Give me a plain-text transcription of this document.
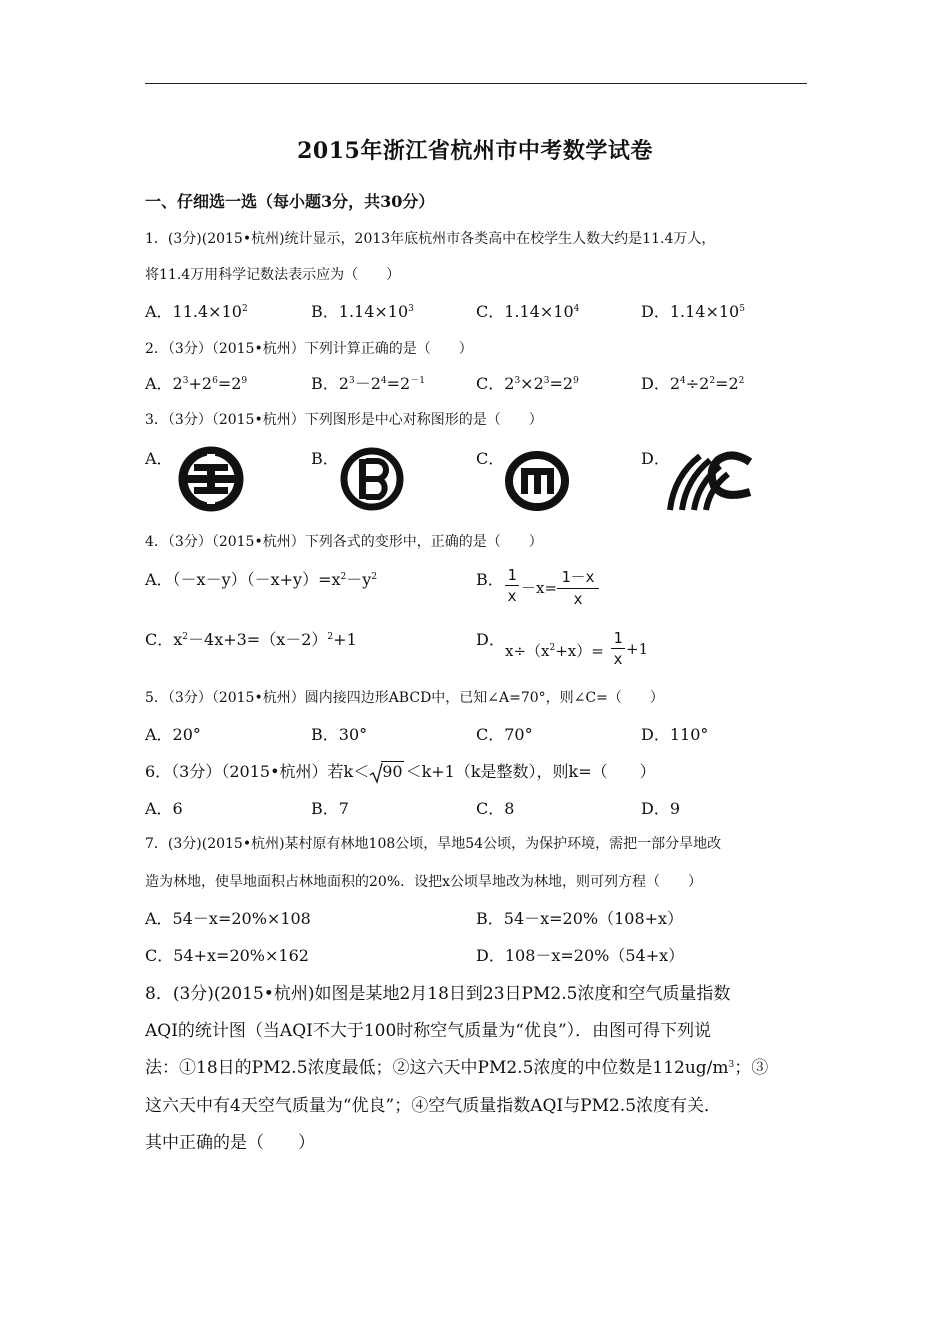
2015年浙江省杭州市中考数学试卷
一、仔细选一选（每小题3分，共30分）
1．(3分)(2015•杭州)统计显示，2013年底杭州市各类高中在校学生人数大约是11.4万人，
将11.4万用科学记数法表示应为（　　）
A．$11.4\times 10^2$	B．$1.14\times 10^3$	C．$1.14\times 10^4$	D．$1.14\times 10^5$
2．（3分）（2015•杭州）下列计算正确的是（　　）
A．$2^3+2^6=2^9$	B．$2^3-2^4=2^{-1}$	C．$2^3\times 2^3=2^9$	D．$2^4\div 2^2=2^2$
3．（3分）（2015•杭州）下列图形是中心对称图形的是（　　）
A．	B．	C．	D．
4．（3分）（2015•杭州）下列各式的变形中，正确的是（　　）
A．$(-x-y)(-x+y)=x^2-y^2$	B． 1
x －x=
1－x
x
C．$x^2-4x+3=(x-2)^2+1$	D．
$x\div(x^2+x)=$
1
x
+1
5．（3分）（2015•杭州）圆内接四边形ABCD中，已知∠A=70°，则∠C=（　　）
A．20°	B．30°	C．70°	D．110°
6．（3分）（2015•杭州）若k＜ 90 ＜k+1（k是整数），则k=（　　）
A．6	B．7	C．8	D．9
7．(3分)(2015•杭州)某村原有林地108公顷，旱地54公顷，为保护环境，需把一部分旱地改
造为林地，使旱地面积占林地面积的20%．设把x公顷旱地改为林地，则可列方程（　　）
A．54－x=20%×108	B．54－x=20%（108+x）
C．54+x=20%×162	D．108－x=20%（54+x）
8．(3分)(2015•杭州)如图是某地2月18日到23日PM2.5浓度和空气质量指数
AQI的统计图（当AQI不大于100时称空气质量为“优良”）．由图可得下列说
法：①18日的PM2.5浓度最低；②这六天中PM2.5浓度的中位数是$112ug/m^3$；③
这六天中有4天空气质量为“优良”；④空气质量指数AQI与PM2.5浓度有关．
其中正确的是（　　）
